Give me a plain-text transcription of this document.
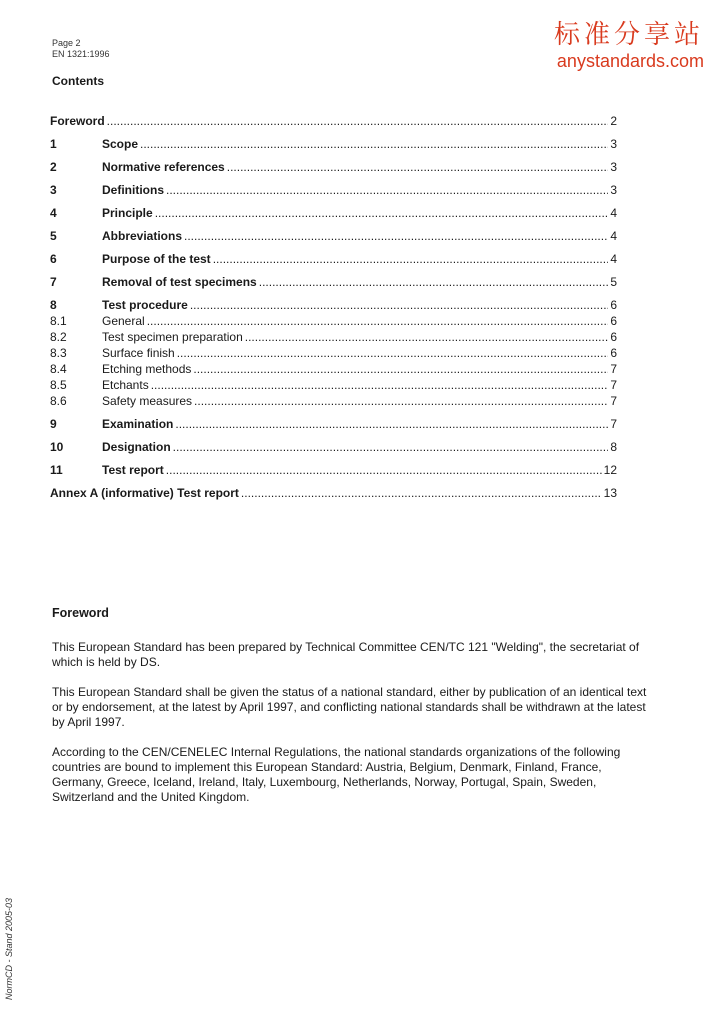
Page 2
EN 1321:1996
标准分享站
anystandards.com
Contents
Foreword .....	2
1	Scope .....	3
2	Normative references .....	3
3	Definitions .....	3
4	Principle .....	4
5	Abbreviations .....	4
6	Purpose of the test .....	4
7	Removal of test specimens .....	5
8	Test procedure .....	6
8.1	General .....	6
8.2	Test specimen preparation .....	6
8.3	Surface finish .....	6
8.4	Etching methods .....	7
8.5	Etchants .....	7
8.6	Safety measures .....	7
9	Examination .....	7
10	Designation .....	8
11	Test report .....	12
Annex A (informative) Test report .....	13
Foreword

This European Standard has been prepared by Technical Committee CEN/TC 121 "Welding", the secretariat of which is held by DS.

This European Standard shall be given the status of a national standard, either by publication of an identical text or by endorsement, at the latest by April 1997, and conflicting national standards shall be withdrawn at the latest by April 1997.

According to the CEN/CENELEC Internal Regulations, the national standards organizations of the following countries are bound to implement this European Standard: Austria, Belgium, Denmark, Finland, France, Germany, Greece, Iceland, Ireland, Italy, Luxembourg, Netherlands, Norway, Portugal, Spain, Sweden, Switzerland and the United Kingdom.

NormCD - Stand 2005-03
